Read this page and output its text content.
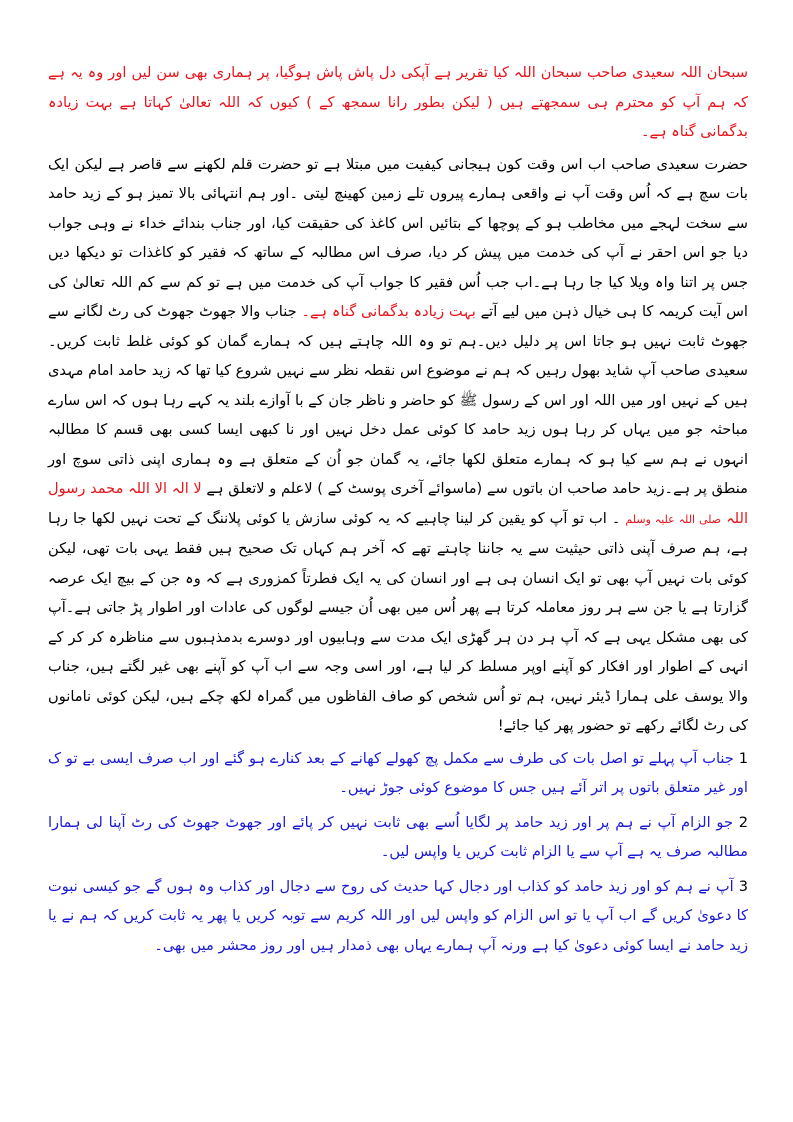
سبحان اللہ سعیدی صاحب سبحان اللہ کیا تقریر ہے آپکی دل پاش پاش ہوگیا، پر ہماری بھی سن لیں اور وہ یہ ہے کہ ہم آپ کو محترم ہی سمجھتے ہیں ( لیکن بطور رانا سمجھ کے ) کیوں کہ اللہ تعالیٰ کہاتا ہے بہت زیادہ بدگمانی گناہ ہے۔

حضرت سعیدی صاحب اب اس وقت کون ہیجانی کیفیت میں مبتلا ہے تو حضرت قلم لکھنے سے قاصر ہے لیکن ایک بات سچ ہے کہ اُس وقت آپ نے واقعی ہمارے پیروں تلے زمین کھینچ لیتی ۔اور ہم انتہائی بالا تمیز ہو کے زید حامد سے سخت لہجے میں مخاطب ہو کے پوچھا کے بتائیں اس کاغذ کی حقیقت کیا، اور جناب بندائے خداء نے وہی جواب دیا جو اس احقر نے آپ کی خدمت میں پیش کر دیا، صرف اس مطالبہ کے ساتھ کہ فقیر کو کاغذات تو دیکھا دیں جس پر اتنا واہ ویلا کیا جا رہا ہے۔اب جب اُس فقیر کا جواب آپ کی خدمت میں ہے تو کم سے کم اللہ تعالیٰ کی اس آیت کریمہ کا ہی خیال ذہن میں لیے آتے بہت زیادہ بدگمانی گناہ ہے۔ جناب والا جھوٹ جھوٹ کی رٹ لگانے سے جھوٹ ثابت نہیں ہو جاتا اس پر دلیل دیں۔ہم تو وہ اللہ چاہتے ہیں کہ ہمارے گمان کو کوئی غلط ثابت کریں۔سعیدی صاحب آپ شاید بھول رہیں کہ ہم نے موضوع اس نقطہ نظر سے نہیں شروع کیا تھا کہ زید حامد امام مہدی ہیں کے نہیں اور میں اللہ اور اس کے رسول ﷺ کو حاضر و ناظر جان کے با آوازے بلند یہ کہے رہا ہوں کہ اس سارے مباحثہ جو میں یہاں کر رہا ہوں زید حامد کا کوئی عمل دخل نہیں اور نا کبھی ایسا کسی بھی قسم کا مطالبہ انہوں نے ہم سے کیا ہو کہ ہمارے متعلق لکھا جائے، یہ گمان جو اُن کے متعلق ہے وہ ہماری اپنی ذاتی سوچ اور منطق پر ہے۔زید حامد صاحب ان باتوں سے (ماسوائے آخری پوسٹ کے ) لاعلم و لاتعلق ہے لا الہ الا اللہ محمد رسول اللہ صلی اللہ علیہ وسلم ۔ اب تو آپ کو یقین کر لینا چاہیے کہ یہ کوئی سازش یا کوئی پلاننگ کے تحت نہیں لکھا جا رہا ہے، ہم صرف آپنی ذاتی حیثیت سے یہ جاننا چاہتے تھے کہ آخر ہم کہاں تک صحیح ہیں فقط یہی بات تھی، لیکن کوئی بات نہیں آپ بھی تو ایک انسان ہی ہے اور انسان کی یہ ایک فطرتاً کمزوری ہے کہ وہ جن کے بیچ ایک عرصہ گزارتا ہے یا جن سے ہر روز معاملہ کرتا ہے پھر اُس میں بھی اُن جیسے لوگوں کی عادات اور اطوار پڑ جاتی ہے۔آپ کی بھی مشکل یہی ہے کہ آپ ہر دن ہر گھڑی ایک مدت سے وہابیوں اور دوسرے بدمذہبوں سے مناظرہ کر کر کے انہی کے اطوار اور افکار کو آپنے اوپر مسلط کر لیا ہے، اور اسی وجہ سے اب آپ کو آپنے بھی غیر لگتے ہیں، جناب والا یوسف علی ہمارا ڈیئر نہیں، ہم تو اُس شخص کو صاف الفاظوں میں گمراہ لکھ چکے ہیں، لیکن کوئی نامانوں کی رٹ لگائے رکھے تو حضور پھر کیا جائے!

1 جناب آپ پہلے تو اصل بات کی طرف سے مکمل پچ کھولے کھانے کے بعد کنارے ہو گئے اور اب صرف ایسی بے تو ک اور غیر متعلق باتوں پر اتر آئے ہیں جس کا موضوع کوئی جوڑ نہیں۔

2 جو الزام آپ نے ہم پر اور زید حامد پر لگایا اُسے بھی ثابت نہیں کر پائے اور جھوٹ جھوٹ کی رٹ آپنا لی ہمارا مطالبہ صرف یہ ہے آپ سے یا الزام ثابت کریں یا واپس لیں۔

3 آپ نے ہم کو اور زید حامد کو کذاب اور دجال کہا حدیث کی روح سے دجال اور کذاب وہ ہوں گے جو کیسی نبوت کا دعویٰ کریں گے اب آپ یا تو اس الزام کو واپس لیں اور اللہ کریم سے توبہ کریں یا پھر یہ ثابت کریں کہ ہم نے یا زید حامد نے ایسا کوئی دعویٰ کیا ہے ورنہ آپ ہمارے یہاں بھی ذمدار ہیں اور روز محشر میں بھی۔
